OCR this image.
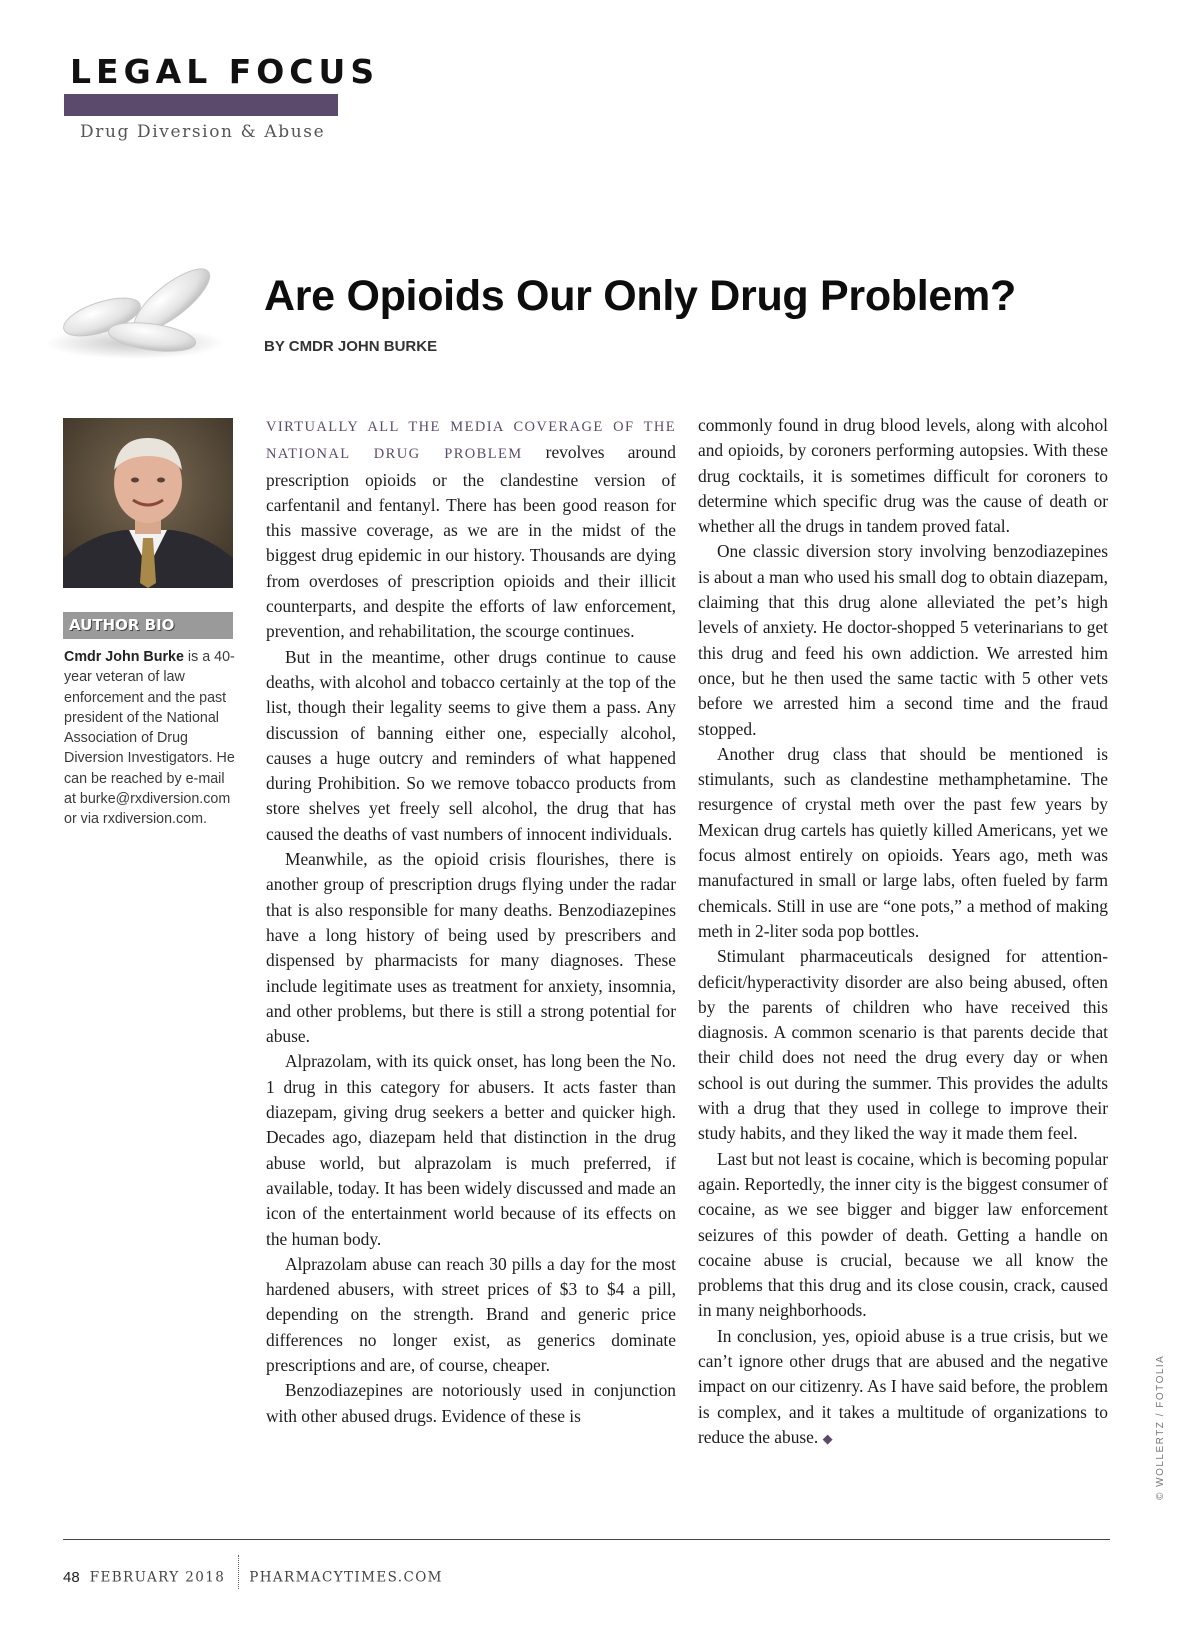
LEGAL FOCUS
Drug Diversion & Abuse
Are Opioids Our Only Drug Problem?
BY CMDR JOHN BURKE
AUTHOR BIO

Cmdr John Burke is a 40-year veteran of law enforcement and the past president of the National Association of Drug Diversion Investigators. He can be reached by e-mail at burke@rxdiversion.com or via rxdiversion.com.

VIRTUALLY ALL THE MEDIA COVERAGE OF THE NATIONAL DRUG PROBLEM revolves around prescription opioids or the clandestine version of carfentanil and fentanyl. There has been good reason for this massive coverage, as we are in the midst of the biggest drug epidemic in our history. Thousands are dying from overdoses of prescription opioids and their illicit counterparts, and despite the efforts of law enforcement, prevention, and rehabilitation, the scourge continues.

But in the meantime, other drugs continue to cause deaths, with alcohol and tobacco certainly at the top of the list, though their legality seems to give them a pass. Any discussion of banning either one, especially alcohol, causes a huge outcry and reminders of what happened during Prohibition. So we remove tobacco products from store shelves yet freely sell alcohol, the drug that has caused the deaths of vast numbers of innocent individuals.

Meanwhile, as the opioid crisis flourishes, there is another group of prescription drugs flying under the radar that is also responsible for many deaths. Benzodiazepines have a long history of being used by prescribers and dispensed by pharmacists for many diagnoses. These include legitimate uses as treatment for anxiety, insomnia, and other problems, but there is still a strong potential for abuse.

Alprazolam, with its quick onset, has long been the No. 1 drug in this category for abusers. It acts faster than diazepam, giving drug seekers a better and quicker high. Decades ago, diazepam held that distinction in the drug abuse world, but alprazolam is much preferred, if available, today. It has been widely discussed and made an icon of the entertainment world because of its effects on the human body.

Alprazolam abuse can reach 30 pills a day for the most hardened abusers, with street prices of $3 to $4 a pill, depending on the strength. Brand and generic price differences no longer exist, as generics dominate prescriptions and are, of course, cheaper.

Benzodiazepines are notoriously used in conjunction with other abused drugs. Evidence of these is

commonly found in drug blood levels, along with alcohol and opioids, by coroners performing autopsies. With these drug cocktails, it is sometimes difficult for coroners to determine which specific drug was the cause of death or whether all the drugs in tandem proved fatal.

One classic diversion story involving benzodiazepines is about a man who used his small dog to obtain diazepam, claiming that this drug alone alleviated the pet’s high levels of anxiety. He doctor-shopped 5 veterinarians to get this drug and feed his own addiction. We arrested him once, but he then used the same tactic with 5 other vets before we arrested him a second time and the fraud stopped.

Another drug class that should be mentioned is stimulants, such as clandestine methamphetamine. The resurgence of crystal meth over the past few years by Mexican drug cartels has quietly killed Americans, yet we focus almost entirely on opioids. Years ago, meth was manufactured in small or large labs, often fueled by farm chemicals. Still in use are “one pots,” a method of making meth in 2-liter soda pop bottles.

Stimulant pharmaceuticals designed for attention-deficit/hyperactivity disorder are also being abused, often by the parents of children who have received this diagnosis. A common scenario is that parents decide that their child does not need the drug every day or when school is out during the summer. This provides the adults with a drug that they used in college to improve their study habits, and they liked the way it made them feel.

Last but not least is cocaine, which is becoming popular again. Reportedly, the inner city is the biggest consumer of cocaine, as we see bigger and bigger law enforcement seizures of this powder of death. Getting a handle on cocaine abuse is crucial, because we all know the problems that this drug and its close cousin, crack, caused in many neighborhoods.

In conclusion, yes, opioid abuse is a true crisis, but we can’t ignore other drugs that are abused and the negative impact on our citizenry. As I have said before, the problem is complex, and it takes a multitude of organizations to reduce the abuse. ◆	© WOLLERTZ / FOTOLIA
48 FEBRUARY 2018 PHARMACYTIMES.COM
